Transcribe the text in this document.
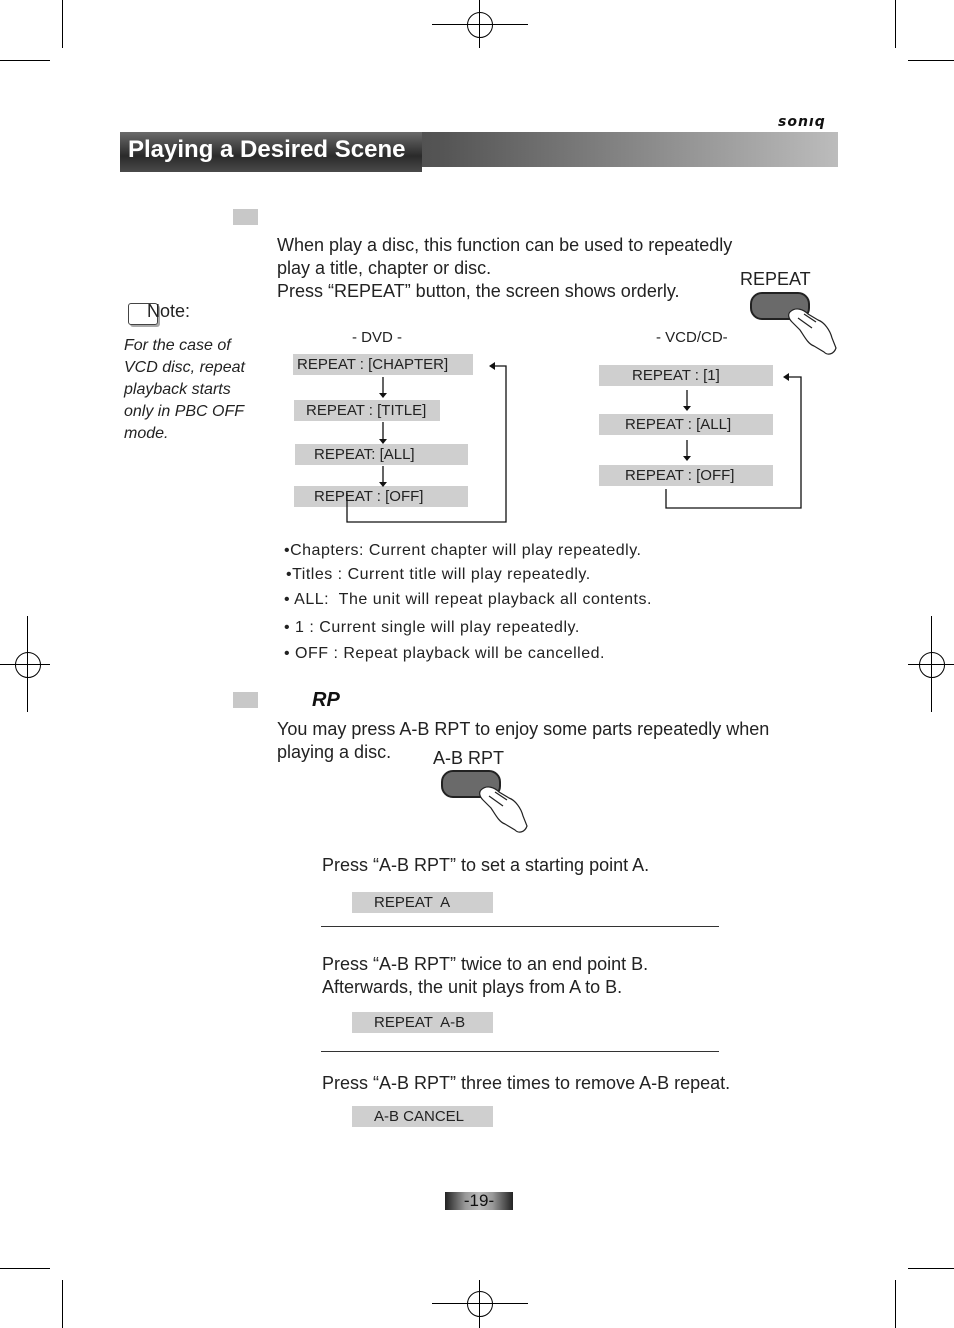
sonıq
Playing a Desired Scene
When play a disc, this function can be used to repeatedly
play a title, chapter or disc.
Press “REPEAT” button, the screen shows orderly.
REPEAT
Note:
For the case of VCD disc, repeat playback starts only in PBC OFF mode.
- DVD -
REPEAT : [CHAPTER]
REPEAT : [TITLE]
REPEAT: [ALL]
REPEAT : [OFF]
- VCD/CD-
REPEAT : [1]
REPEAT : [ALL]
REPEAT : [OFF]
•Chapters: Current chapter will play repeatedly.
•Titles : Current title will play repeatedly.
• ALL:  The unit will repeat playback all contents.
• 1 : Current single will play repeatedly.
• OFF : Repeat playback will be cancelled.
RP
You may press A-B RPT to enjoy some parts repeatedly when
playing a disc. A-B RPT
Press “A-B RPT” to set a starting point A.
REPEAT  A
Press “A-B RPT” twice to an end point B.
Afterwards, the unit plays from A to B.
REPEAT  A-B
Press “A-B RPT” three times to remove A-B repeat.
A-B CANCEL
-19-
